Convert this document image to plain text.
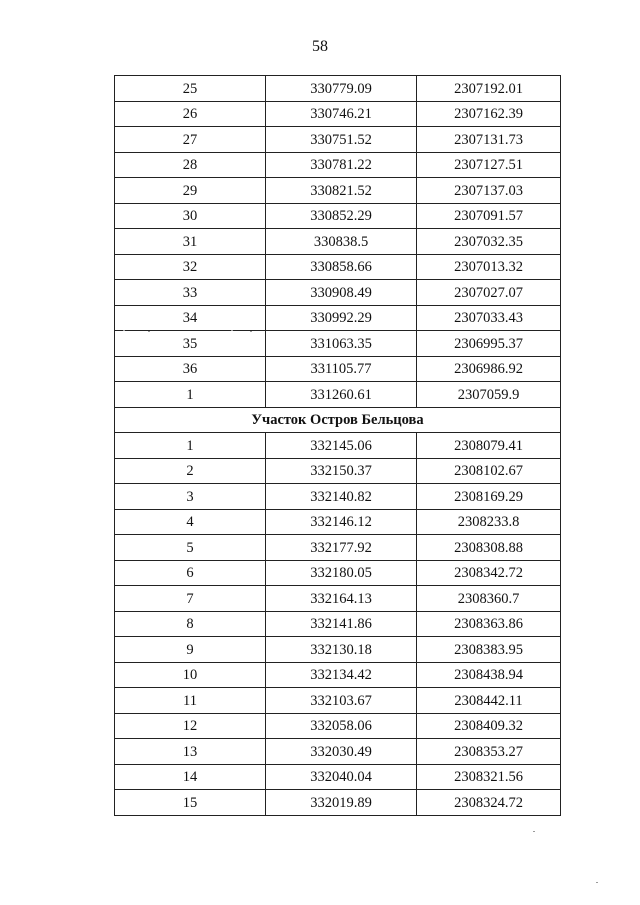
58
25	330779.09	2307192.01
26	330746.21	2307162.39
27	330751.52	2307131.73
28	330781.22	2307127.51
29	330821.52	2307137.03
30	330852.29	2307091.57
31	330838.5	2307032.35
32	330858.66	2307013.32
33	330908.49	2307027.07
34	330992.29	2307033.43
35	331063.35	2306995.37
36	331105.77	2306986.92
1	331260.61	2307059.9
Участок Остров Бельцова		
1	332145.06	2308079.41
2	332150.37	2308102.67
3	332140.82	2308169.29
4	332146.12	2308233.8
5	332177.92	2308308.88
6	332180.05	2308342.72
7	332164.13	2308360.7
8	332141.86	2308363.86
9	332130.18	2308383.95
10	332134.42	2308438.94
11	332103.67	2308442.11
12	332058.06	2308409.32
13	332030.49	2308353.27
14	332040.04	2308321.56
15	332019.89	2308324.72
